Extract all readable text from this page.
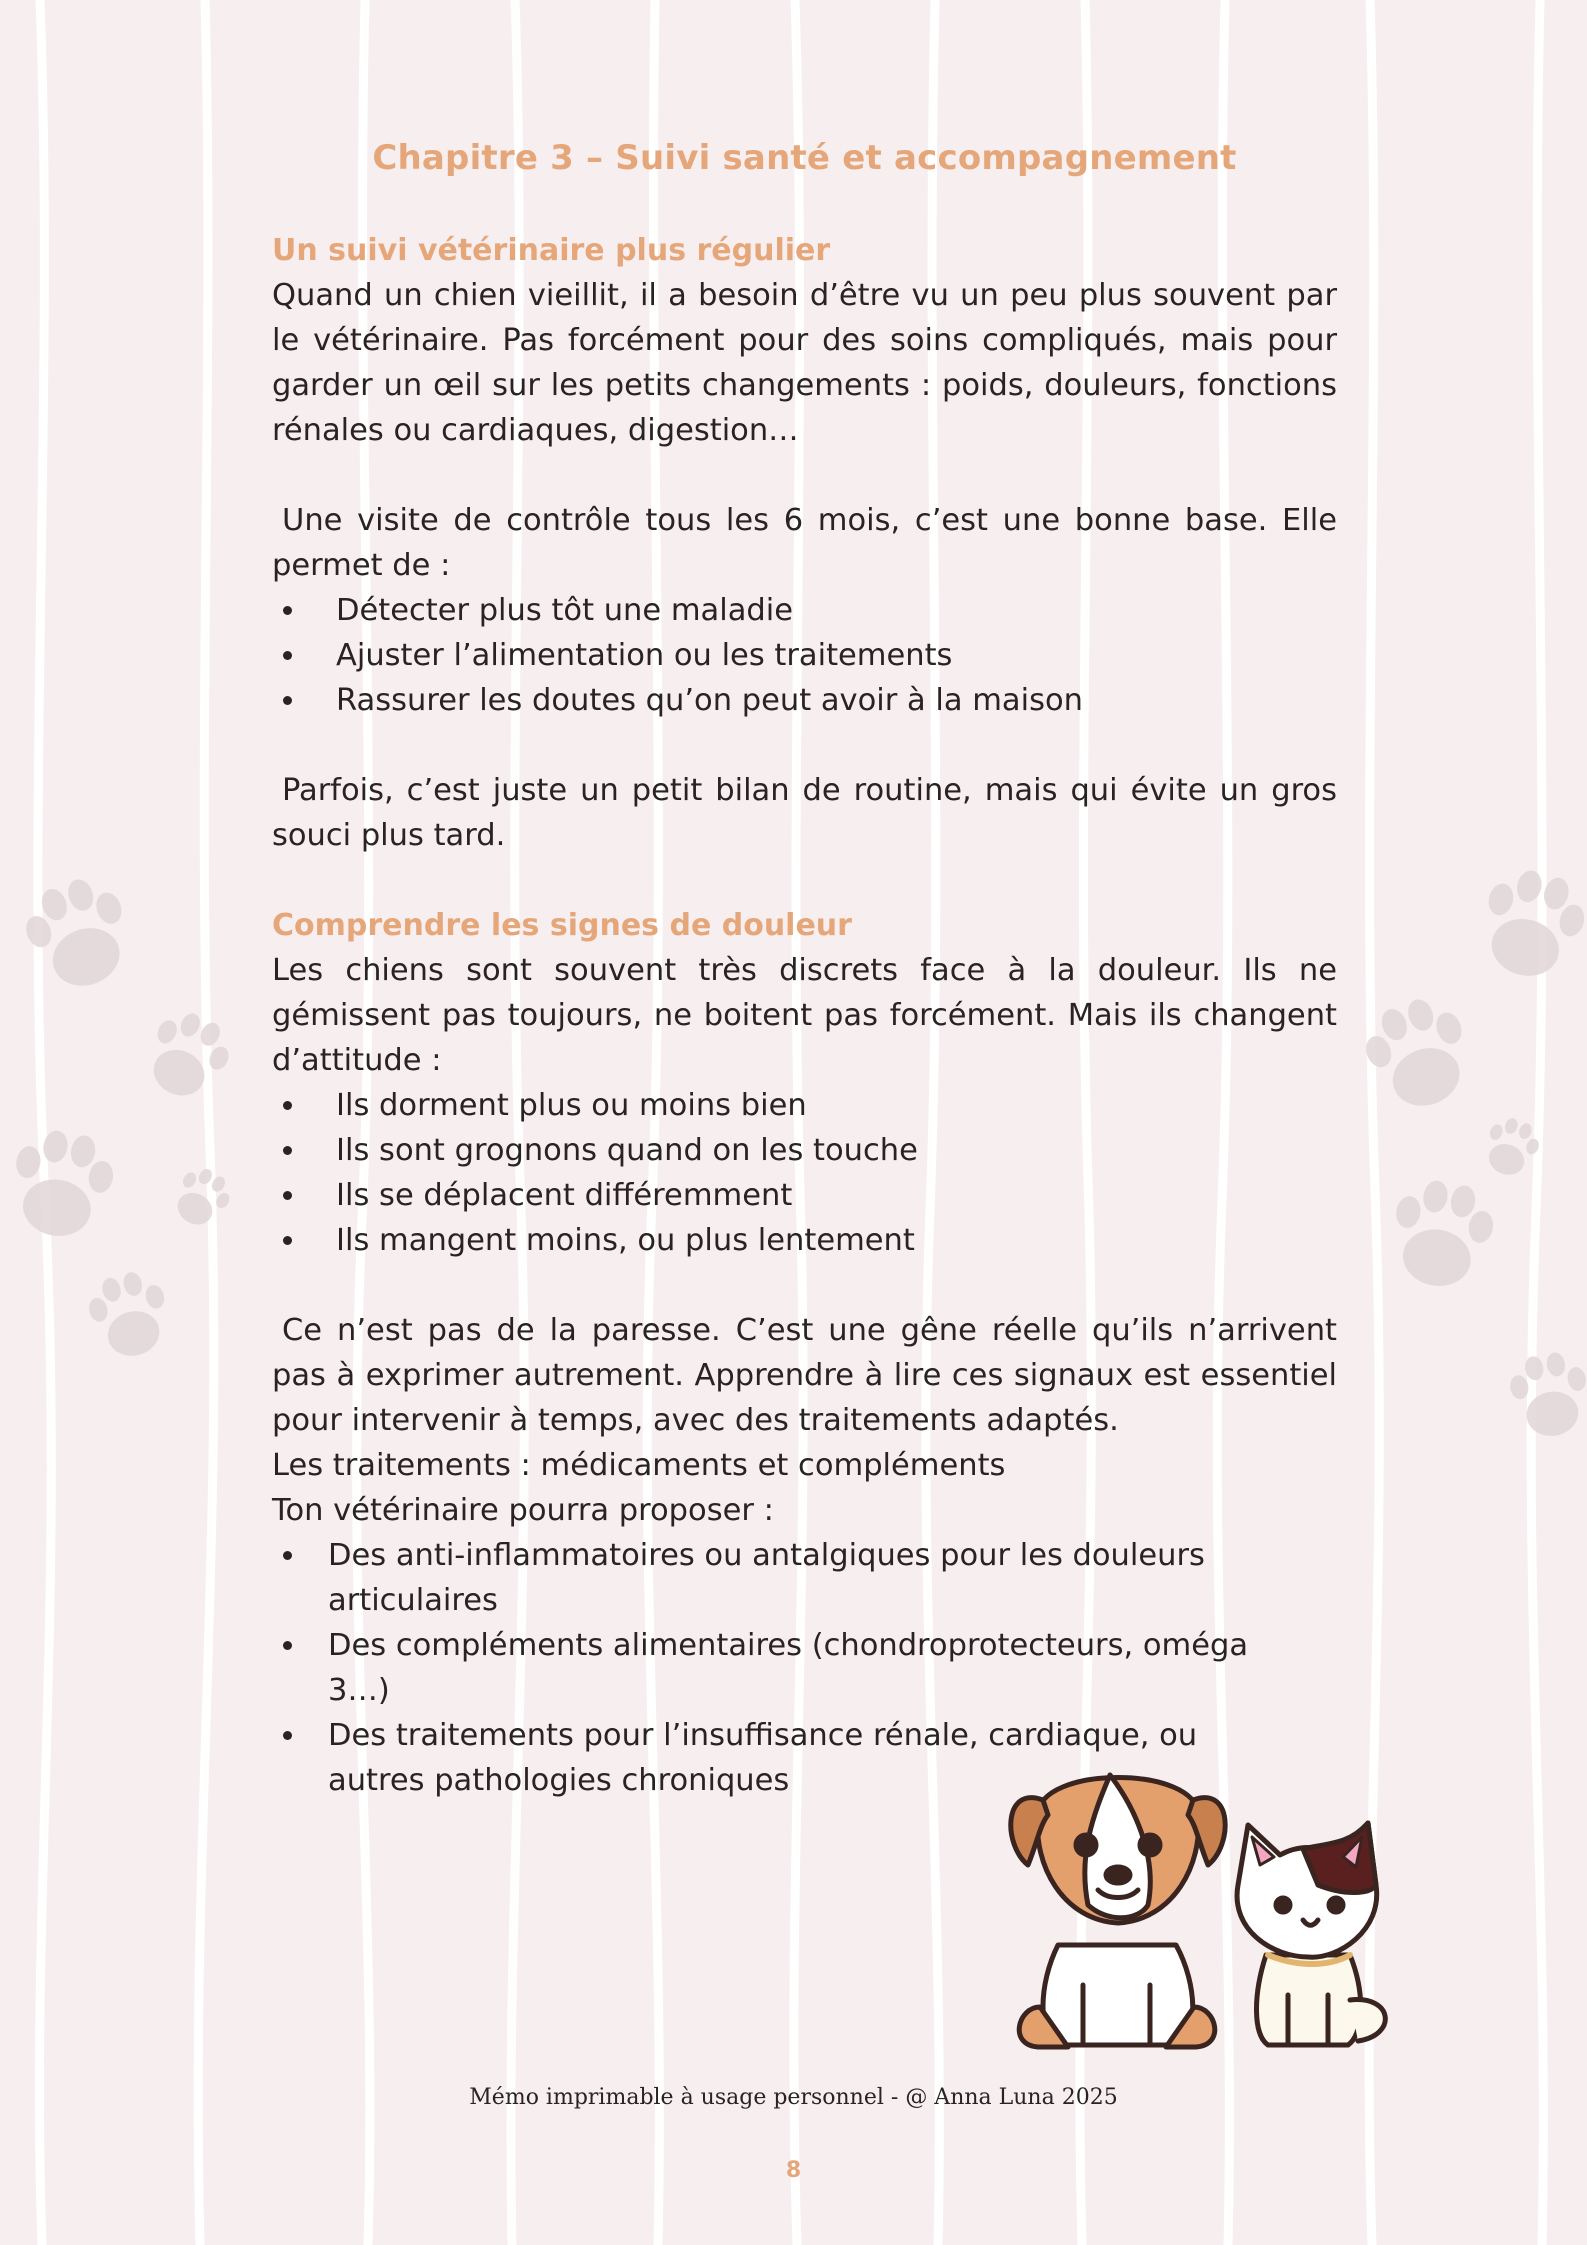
Chapitre 3 – Suivi santé et accompagnement
Un suivi vétérinaire plus régulier

Quand un chien vieillit, il a besoin d’être vu un peu plus souvent par le vétérinaire. Pas forcément pour des soins compliqués, mais pour garder un œil sur les petits changements : poids, douleurs, fonctions rénales ou cardiaques, digestion…

Une visite de contrôle tous les 6 mois, c’est une bonne base. Elle permet de :

• Détecter plus tôt une maladie
• Ajuster l’alimentation ou les traitements
• Rassurer les doutes qu’on peut avoir à la maison

Parfois, c’est juste un petit bilan de routine, mais qui évite un gros souci plus tard.

Comprendre les signes de douleur

Les chiens sont souvent très discrets face à la douleur. Ils ne gémissent pas toujours, ne boitent pas forcément. Mais ils changent d’attitude :

• Ils dorment plus ou moins bien
• Ils sont grognons quand on les touche
• Ils se déplacent différemment
• Ils mangent moins, ou plus lentement

Ce n’est pas de la paresse. C’est une gêne réelle qu’ils n’arrivent pas à exprimer autrement. Apprendre à lire ces signaux est essentiel pour intervenir à temps, avec des traitements adaptés.

Les traitements : médicaments et compléments

Ton vétérinaire pourra proposer :

• Des anti-inflammatoires ou antalgiques pour les douleurs articulaires
• Des compléments alimentaires (chondroprotecteurs, oméga 3…)
• Des traitements pour l’insuffisance rénale, cardiaque, ou autres pathologies chroniques
Mémo imprimable à usage personnel - @ Anna Luna 2025
8
